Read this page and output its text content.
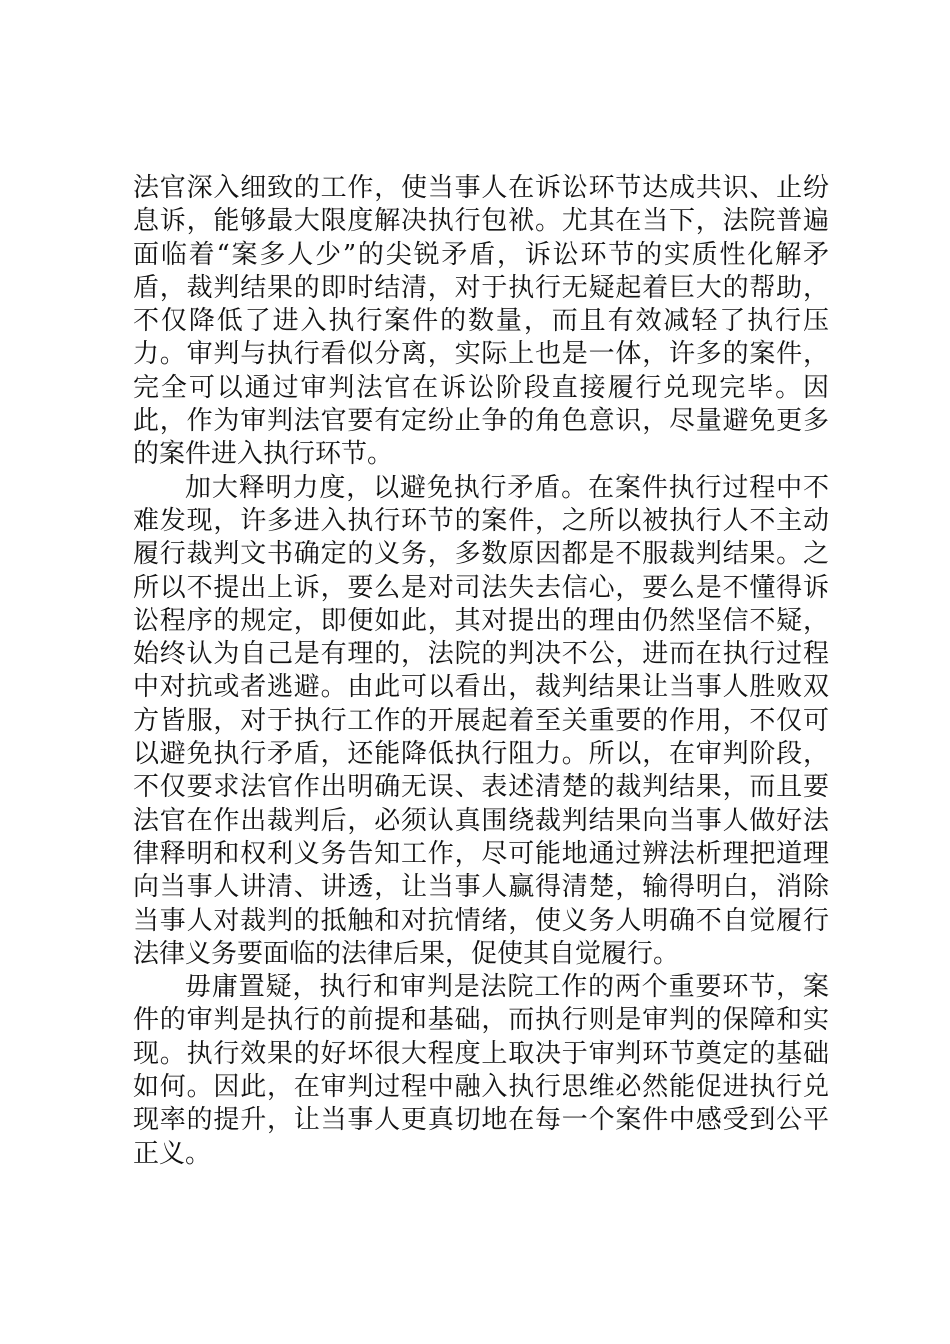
法官深入细致的工作，使当事人在诉讼环节达成共识、止纷息诉，能够最大限度解决执行包袱。尤其在当下，法院普遍面临着“案多人少”的尖锐矛盾，诉讼环节的实质性化解矛盾，裁判结果的即时结清，对于执行无疑起着巨大的帮助，不仅降低了进入执行案件的数量，而且有效减轻了执行压力。审判与执行看似分离，实际上也是一体，许多的案件，完全可以通过审判法官在诉讼阶段直接履行兑现完毕。因此，作为审判法官要有定纷止争的角色意识，尽量避免更多的案件进入执行环节。

加大释明力度，以避免执行矛盾。在案件执行过程中不难发现，许多进入执行环节的案件，之所以被执行人不主动履行裁判文书确定的义务，多数原因都是不服裁判结果。之所以不提出上诉，要么是对司法失去信心，要么是不懂得诉讼程序的规定，即便如此，其对提出的理由仍然坚信不疑，始终认为自己是有理的，法院的判决不公，进而在执行过程中对抗或者逃避。由此可以看出，裁判结果让当事人胜败双方皆服，对于执行工作的开展起着至关重要的作用，不仅可以避免执行矛盾，还能降低执行阻力。所以，在审判阶段，不仅要求法官作出明确无误、表述清楚的裁判结果，而且要法官在作出裁判后，必须认真围绕裁判结果向当事人做好法律释明和权利义务告知工作，尽可能地通过辨法析理把道理向当事人讲清、讲透，让当事人赢得清楚，输得明白，消除当事人对裁判的抵触和对抗情绪，使义务人明确不自觉履行法律义务要面临的法律后果，促使其自觉履行。

毋庸置疑，执行和审判是法院工作的两个重要环节，案件的审判是执行的前提和基础，而执行则是审判的保障和实现。执行效果的好坏很大程度上取决于审判环节奠定的基础如何。因此，在审判过程中融入执行思维必然能促进执行兑现率的提升，让当事人更真切地在每一个案件中感受到公平正义。
